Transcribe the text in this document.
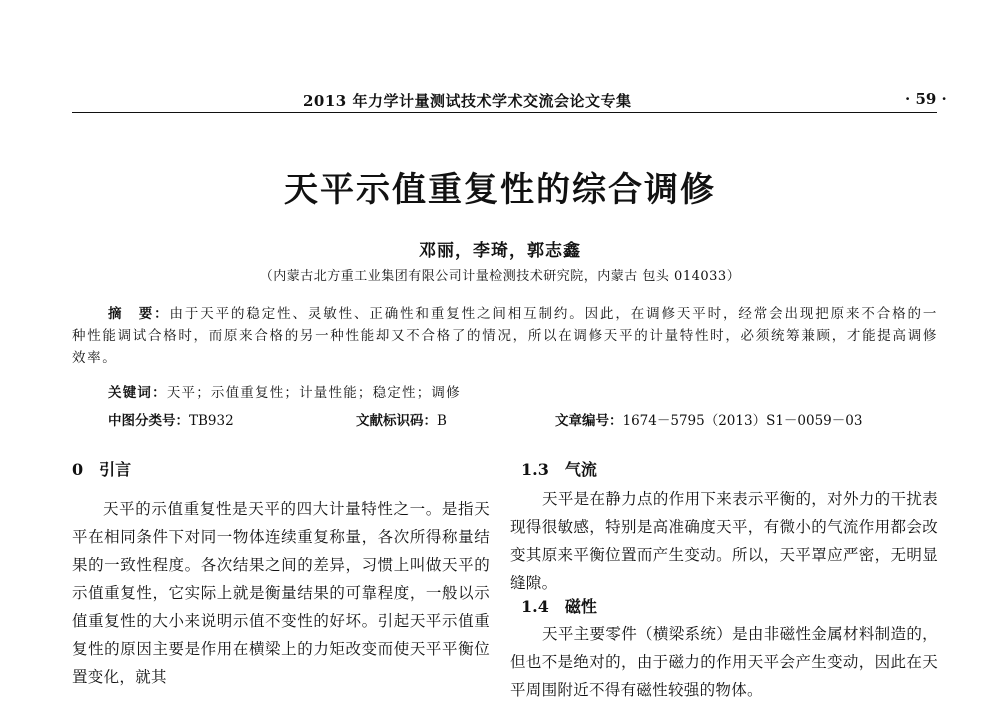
2013 年力学计量测试技术学术交流会论文专集	· 59 ·
天平示值重复性的综合调修
邓丽，李琦，郭志鑫
（内蒙古北方重工业集团有限公司计量检测技术研究院，内蒙古 包头 014033）
摘　要：由于天平的稳定性、灵敏性、正确性和重复性之间相互制约。因此，在调修天平时，经常会出现把原来不合格的一种性能调试合格时，而原来合格的另一种性能却又不合格了的情况，所以在调修天平的计量特性时，必须统筹兼顾，才能提高调修效率。
关键词：天平；示值重复性；计量性能；稳定性；调修
中图分类号：TB932	文献标识码：B	文章编号：1674－5795（2013）S1－0059－03
0　引言
天平的示值重复性是天平的四大计量特性之一。是指天平在相同条件下对同一物体连续重复称量，各次所得称量结果的一致性程度。各次结果之间的差异，习惯上叫做天平的示值重复性，它实际上就是衡量结果的可靠程度，一般以示值重复性的大小来说明示值不变性的好坏。引起天平示值重复性的原因主要是作用在横梁上的力矩改变而使天平平衡位置变化，就其
1.3　气流
天平是在静力点的作用下来表示平衡的，对外力的干扰表现得很敏感，特别是高准确度天平，有微小的气流作用都会改变其原来平衡位置而产生变动。所以，天平罩应严密，无明显缝隙。
1.4　磁性
天平主要零件（横梁系统）是由非磁性金属材料制造的，但也不是绝对的，由于磁力的作用天平会产生变动，因此在天平周围附近不得有磁性较强的物体。
